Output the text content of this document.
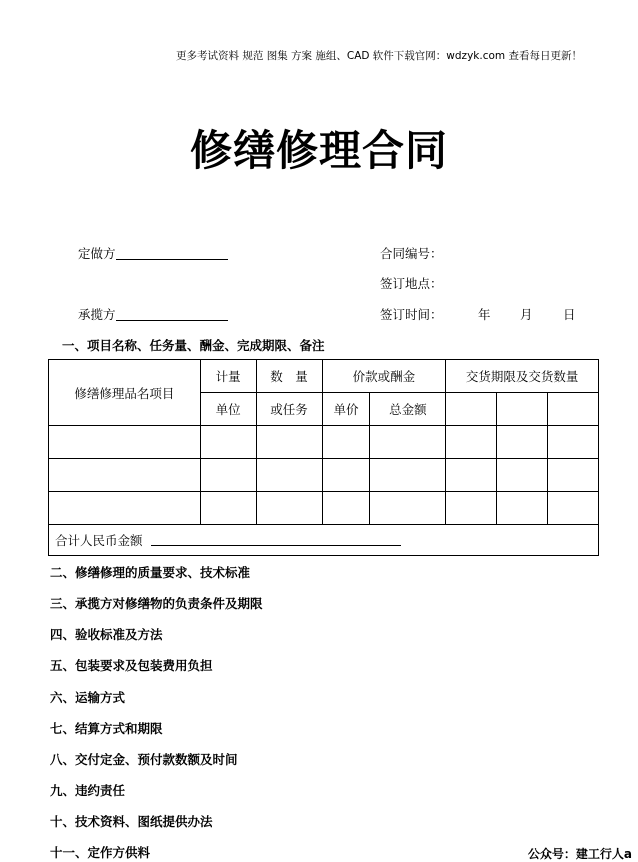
更多考试资料 规范 图集 方案 施组、CAD 软件下载官网：wdzyk.com 查看每日更新！
修缮修理合同
定做方	合同编号：
签订地点：
承揽方	签订时间：	年 月 日
一、项目名称、任务量、酬金、完成期限、备注
修缮修理品名项目	计量	数　量	价款或酬金		交货期限及交货数量		
	单位	或任务	单价	总金额			

合计人民币金额							
二、修缮修理的质量要求、技术标准
三、承揽方对修缮物的负责条件及期限
四、验收标准及方法
五、包装要求及包装费用负担
六、运输方式
七、结算方式和期限
八、交付定金、预付款数额及时间
九、违约责任
十、技术资料、图纸提供办法
十一、定作方供料	公众号：建工行人a
